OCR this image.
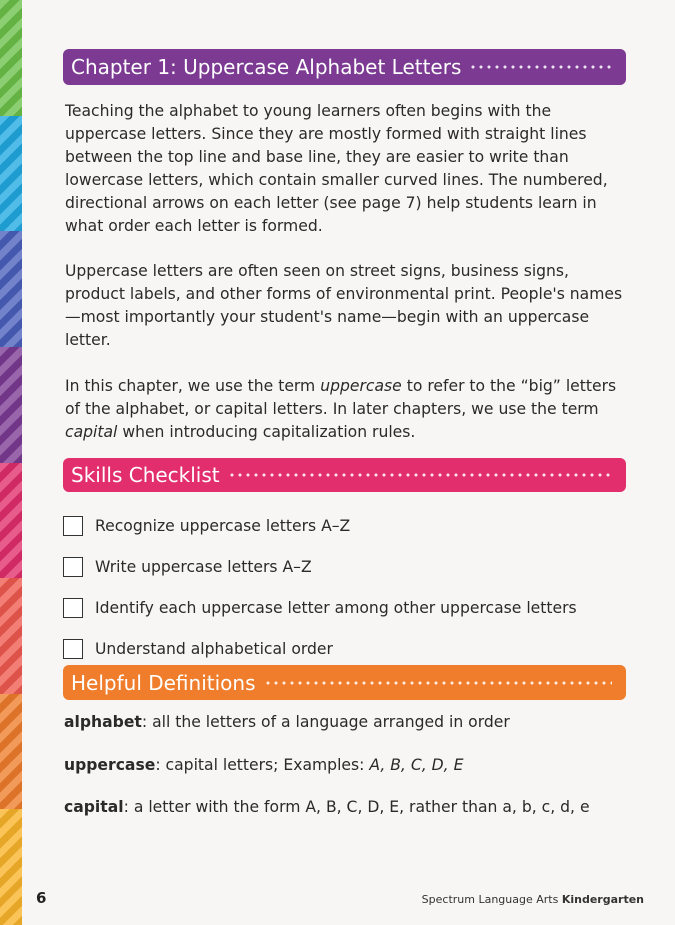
Chapter 1: Uppercase Alphabet Letters

Teaching the alphabet to young learners often begins with the uppercase letters. Since they are mostly formed with straight lines between the top line and base line, they are easier to write than lowercase letters, which contain smaller curved lines. The numbered, directional arrows on each letter (see page 7) help students learn in what order each letter is formed.

Uppercase letters are often seen on street signs, business signs, product labels, and other forms of environmental print. People's names—most importantly your student's name—begin with an uppercase letter.

In this chapter, we use the term uppercase to refer to the “big” letters of the alphabet, or capital letters. In later chapters, we use the term capital when introducing capitalization rules.

Skills Checklist
Recognize uppercase letters A–Z
Write uppercase letters A–Z
Identify each uppercase letter among other uppercase letters
Understand alphabetical order
Helpful Definitions
alphabet: all the letters of a language arranged in order
uppercase: capital letters; Examples: A, B, C, D, E
capital: a letter with the form A, B, C, D, E, rather than a, b, c, d, e
6	Spectrum Language Arts Kindergarten
